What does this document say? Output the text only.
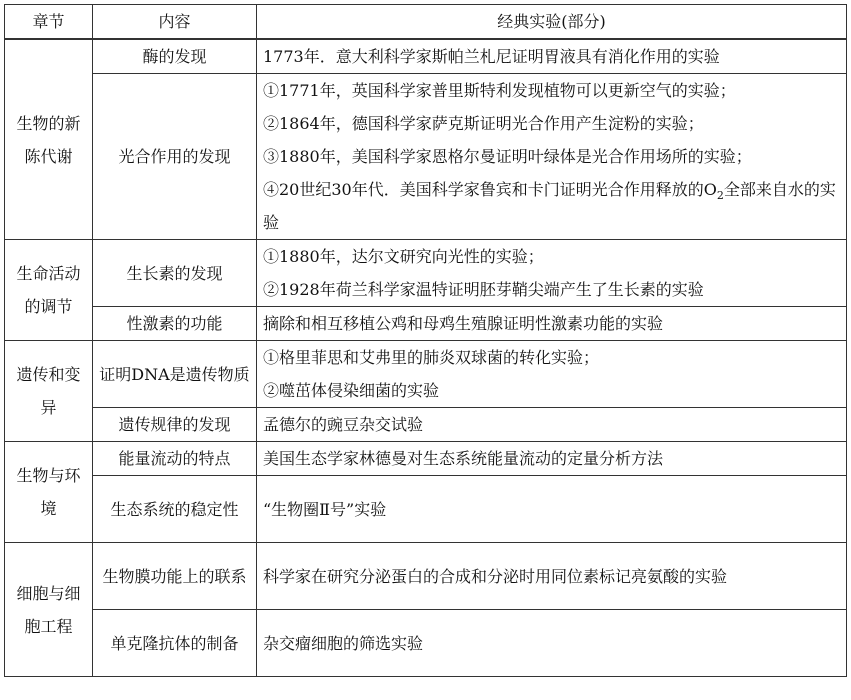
章节	内容	经典实验(部分)
生物的新陈代谢	酶的发现	1773年．意大利科学家斯帕兰札尼证明胃液具有消化作用的实验

	光合作用的发现	①1771年，英国科学家普里斯特利发现植物可以更新空气的实验；
②1864年，德国科学家萨克斯证明光合作用产生淀粉的实验；
③1880年，美国科学家恩格尔曼证明叶绿体是光合作用场所的实验；
④20世纪30年代．美国科学家鲁宾和卡门证明光合作用释放的$O_2$全部来自水的实验

生命活动的调节	生长素的发现	①1880年，达尔文研究向光性的实验；
②1928年荷兰科学家温特证明胚芽鞘尖端产生了生长素的实验

	性激素的功能	摘除和相互移植公鸡和母鸡生殖腺证明性激素功能的实验

遗传和变异	证明DNA是遗传物质	①格里菲思和艾弗里的肺炎双球菌的转化实验；
②噬茁体侵染细菌的实验

	遗传规律的发现	孟德尔的豌豆杂交试验

生物与环境	能量流动的特点	美国生态学家林德曼对生态系统能量流动的定量分析方法

	生态系统的稳定性	“生物圈Ⅱ号”实验

细胞与细胞工程	生物膜功能上的联系	科学家在研究分泌蛋白的合成和分泌时用同位素标记亮氨酸的实验

	单克隆抗体的制备	杂交瘤细胞的筛选实验
